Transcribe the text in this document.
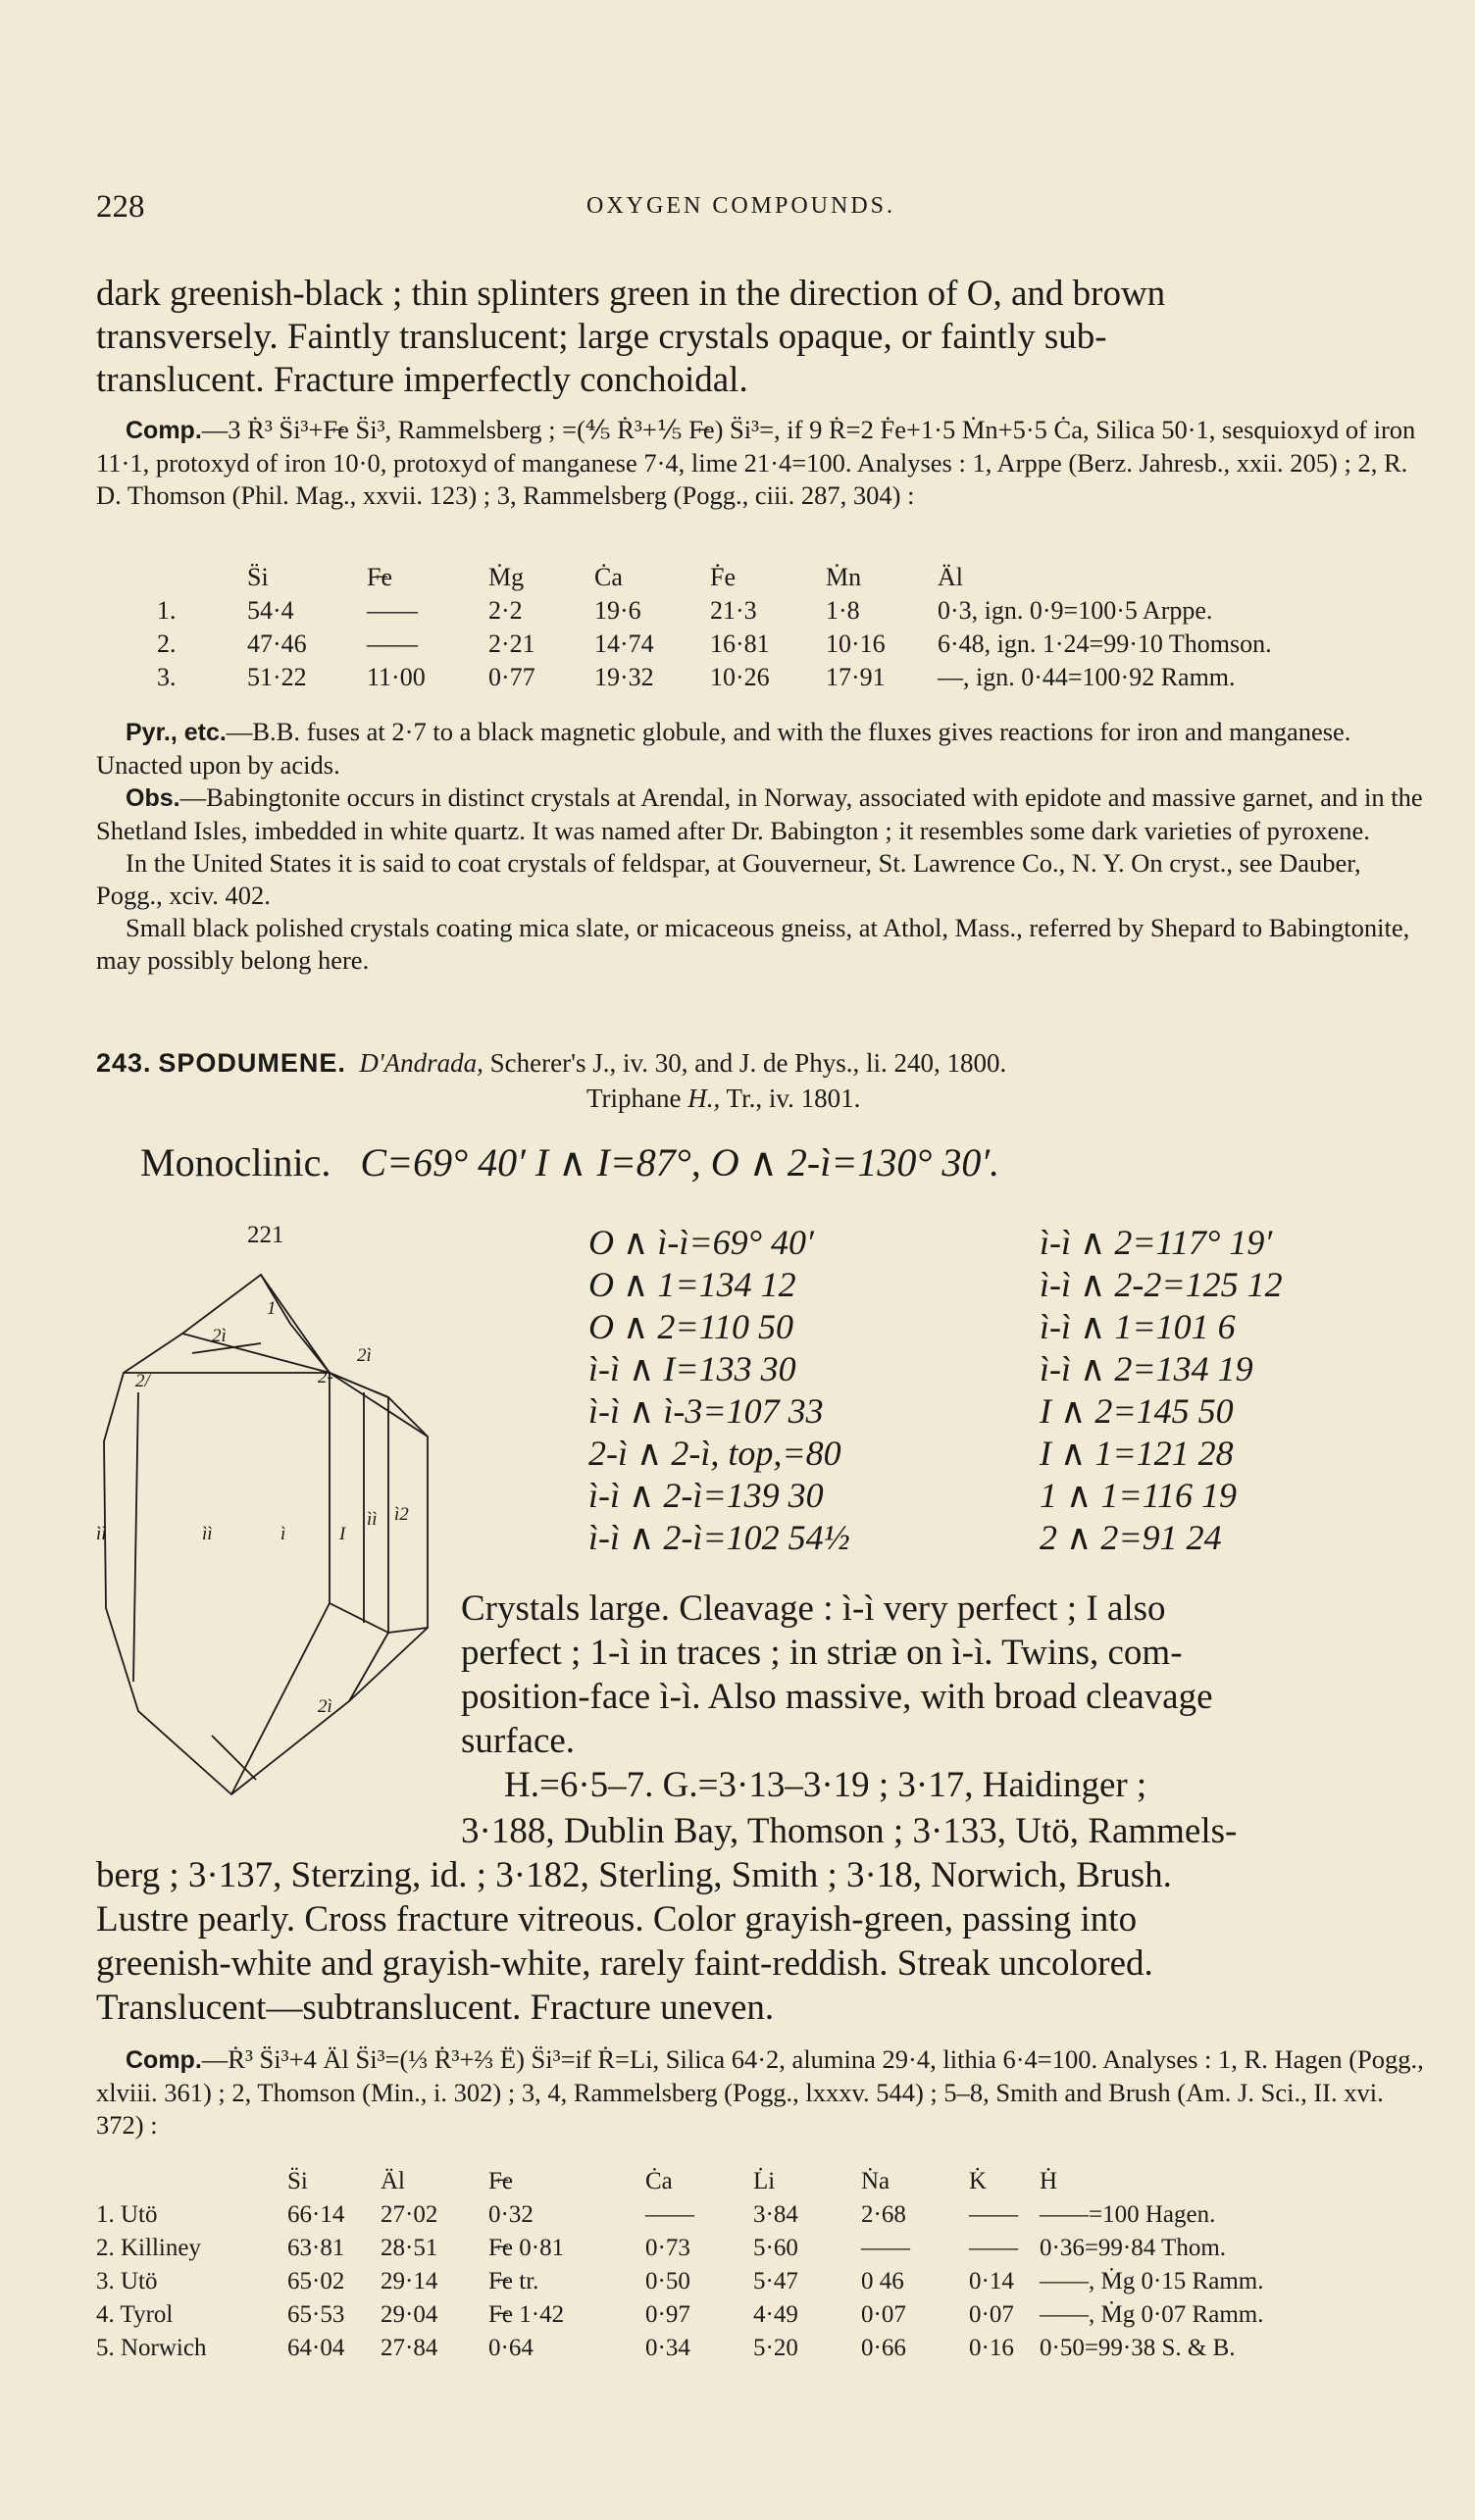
228	OXYGEN COMPOUNDS.
dark greenish-black ; thin splinters green in the direction of O, and brown
transversely. Faintly translucent; large crystals opaque, or faintly sub-
translucent. Fracture imperfectly conchoidal.

Comp.—3 Ṙ³ S̈i³+F̶e S̈i³, Rammelsberg ; =(⅘ Ṙ³+⅕ F̶e) S̈i³=, if 9 Ṙ=2 Ḟe+1·5 Ṁn+5·5 Ċa, Silica 50·1, sesquioxyd of iron 11·1, protoxyd of iron 10·0, protoxyd of manganese 7·4, lime 21·4=100. Analyses : 1, Arppe (Berz. Jahresb., xxii. 205) ; 2, R. D. Thomson (Phil. Mag., xxvii. 123) ; 3, Rammelsberg (Pogg., ciii. 287, 304) :

	S̈i	F̶e	Ṁg	Ċa	Ḟe	Ṁn	Äl
1.	54·4	——	2·2	19·6	21·3	1·8	0·3, ign. 0·9=100·5 Arppe.
2.	47·46	——	2·21	14·74	16·81	10·16	6·48, ign. 1·24=99·10 Thomson.
3.	51·22	11·00	0·77	19·32	10·26	17·91	—, ign. 0·44=100·92 Ramm.

Pyr., etc.—B.B. fuses at 2·7 to a black magnetic globule, and with the fluxes gives reactions for iron and manganese. Unacted upon by acids.

Obs.—Babingtonite occurs in distinct crystals at Arendal, in Norway, associated with epidote and massive garnet, and in the Shetland Isles, imbedded in white quartz. It was named after Dr. Babington ; it resembles some dark varieties of pyroxene.

In the United States it is said to coat crystals of feldspar, at Gouverneur, St. Lawrence Co., N. Y. On cryst., see Dauber, Pogg., xciv. 402.

Small black polished crystals coating mica slate, or micaceous gneiss, at Athol, Mass., referred by Shepard to Babingtonite, may possibly belong here.

243. SPODUMENE. D'Andrada, Scherer's J., iv. 30, and J. de Phys., li. 240, 1800.
Triphane H., Tr., iv. 1801.
Monoclinic. C=69° 40′ I ∧ I=87°, O ∧ 2-ì=130° 30′.
221
1
2ì
2-
2/
2ì
ìì	I
ìì ì2
2ì
ìì	ì
O ∧ ì-ì=69° 40′
O ∧ 1=134 12
O ∧ 2=110 50
ì-ì ∧ I=133 30
ì-ì ∧ ì-3=107 33
2-ì ∧ 2-ì, top,=80
ì-ì ∧ 2-ì=139 30
ì-ì ∧ 2-ì=102 54½
ì-ì ∧ 2=117° 19′
ì-ì ∧ 2-2=125 12
ì-ì ∧ 1=101 6
ì-ì ∧ 2=134 19
I ∧ 2=145 50
I ∧ 1=121 28
1 ∧ 1=116 19
2 ∧ 2=91 24
Crystals large. Cleavage : ì-ì very perfect ; I also
perfect ; 1-ì in traces ; in striæ on ì-ì. Twins, com-
position-face ì-ì. Also massive, with broad cleavage
surface.
H.=6·5–7. G.=3·13–3·19 ; 3·17, Haidinger ;
3·188, Dublin Bay, Thomson ; 3·133, Utö, Rammels-
berg ; 3·137, Sterzing, id. ; 3·182, Sterling, Smith ; 3·18, Norwich, Brush.
Lustre pearly. Cross fracture vitreous. Color grayish-green, passing into
greenish-white and grayish-white, rarely faint-reddish. Streak uncolored.
Translucent—subtranslucent. Fracture uneven.

Comp.—Ṙ³ S̈i³+4 Äl S̈i³=(⅓ Ṙ³+⅔ Ë) S̈i³=if Ṙ=Li, Silica 64·2, alumina 29·4, lithia 6·4=100. Analyses : 1, R. Hagen (Pogg., xlviii. 361) ; 2, Thomson (Min., i. 302) ; 3, 4, Rammelsberg (Pogg., lxxxv. 544) ; 5–8, Smith and Brush (Am. J. Sci., II. xvi. 372) :

	S̈i	Äl	F̶e	Ċa	L̇i	Ṅa	K̇	Ḣ
1. Utö	66·14	27·02	0·32	——	3·84	2·68	——	——=100 Hagen.
2. Killiney	63·81	28·51	F̶e 0·81	0·73	5·60	——	——	0·36=99·84 Thom.
3. Utö	65·02	29·14	F̶e tr.	0·50	5·47	0 46	0·14	——, Ṁg 0·15 Ramm.
4. Tyrol	65·53	29·04	F̶e 1·42	0·97	4·49	0·07	0·07	——, Ṁg 0·07 Ramm.
5. Norwich	64·04	27·84	0·64	0·34	5·20	0·66	0·16	0·50=99·38 S. & B.
